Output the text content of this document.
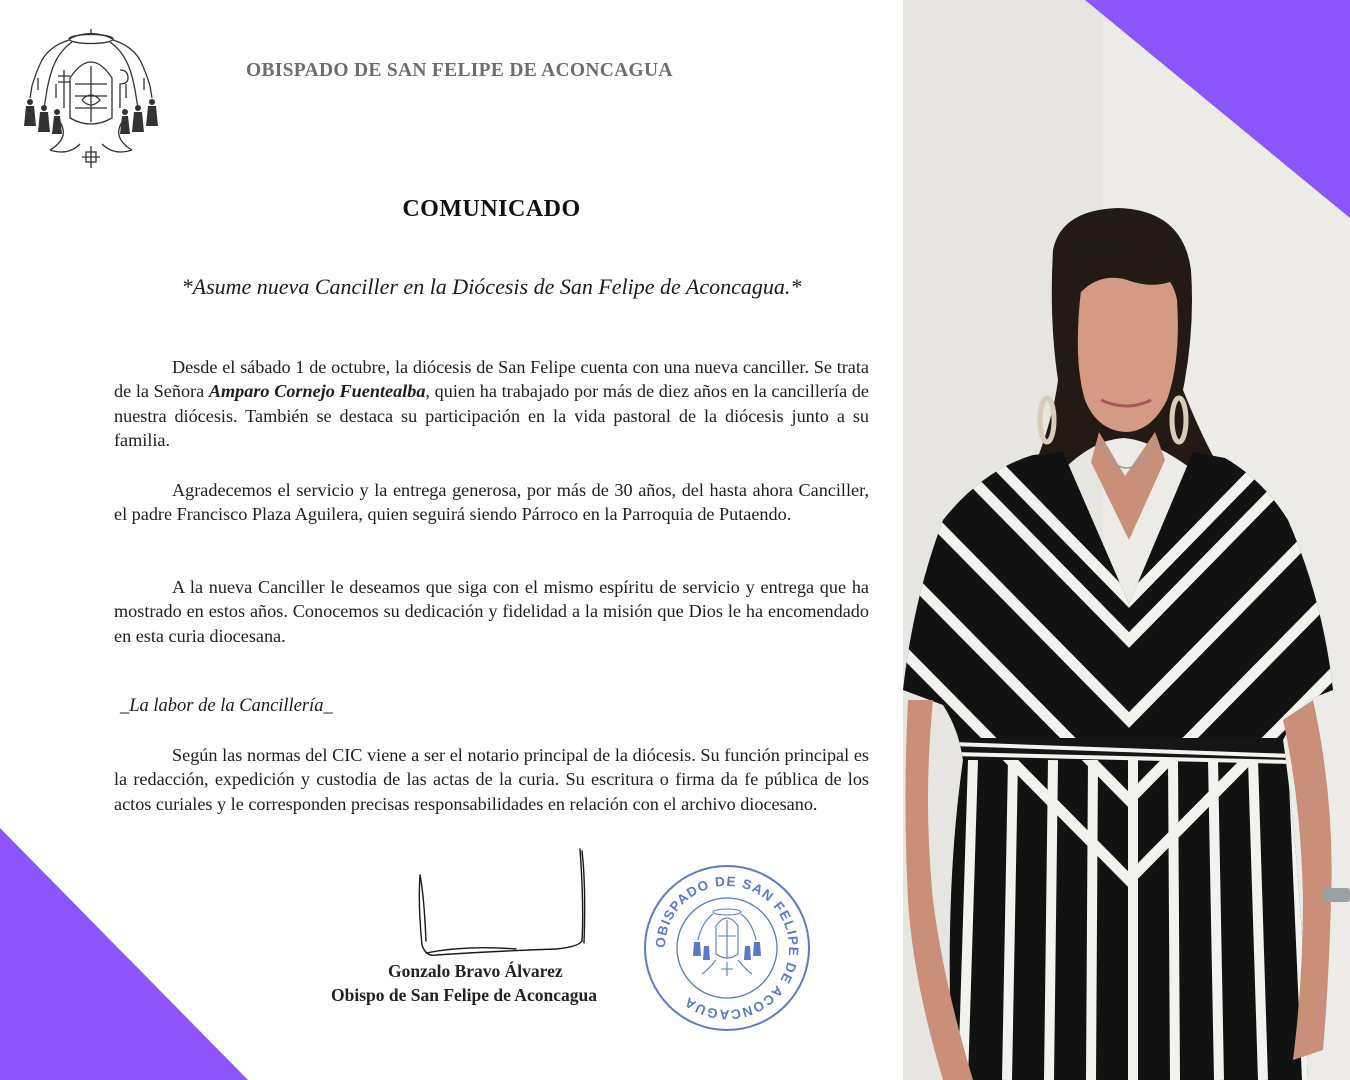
OBISPADO DE SAN FELIPE DE ACONCAGUA
COMUNICADO
*Asume nueva Canciller en la Diócesis de San Felipe de Aconcagua.*
Desde el sábado 1 de octubre, la diócesis de San Felipe cuenta con una nueva canciller. Se trata de la Señora Amparo Cornejo Fuentealba, quien ha trabajado por más de diez años en la cancillería de nuestra diócesis. También se destaca su participación en la vida pastoral de la diócesis junto a su familia.
Agradecemos el servicio y la entrega generosa, por más de 30 años, del hasta ahora Canciller, el padre Francisco Plaza Aguilera, quien seguirá siendo Párroco en la Parroquia de Putaendo.
A la nueva Canciller le deseamos que siga con el mismo espíritu de servicio y entrega que ha mostrado en estos años. Conocemos su dedicación y fidelidad a la misión que Dios le ha encomendado en esta curia diocesana.
_La labor de la Cancillería_
Según las normas del CIC viene a ser el notario principal de la diócesis. Su función principal es la redacción, expedición y custodia de las actas de la curia. Su escritura o firma da fe pública de los actos curiales y le corresponden precisas responsabilidades en relación con el archivo diocesano.
Gonzalo Bravo Álvarez
Obispo de San Felipe de Aconcagua
OBISPADO DE SAN FELIPE DE ACONCAGUA
